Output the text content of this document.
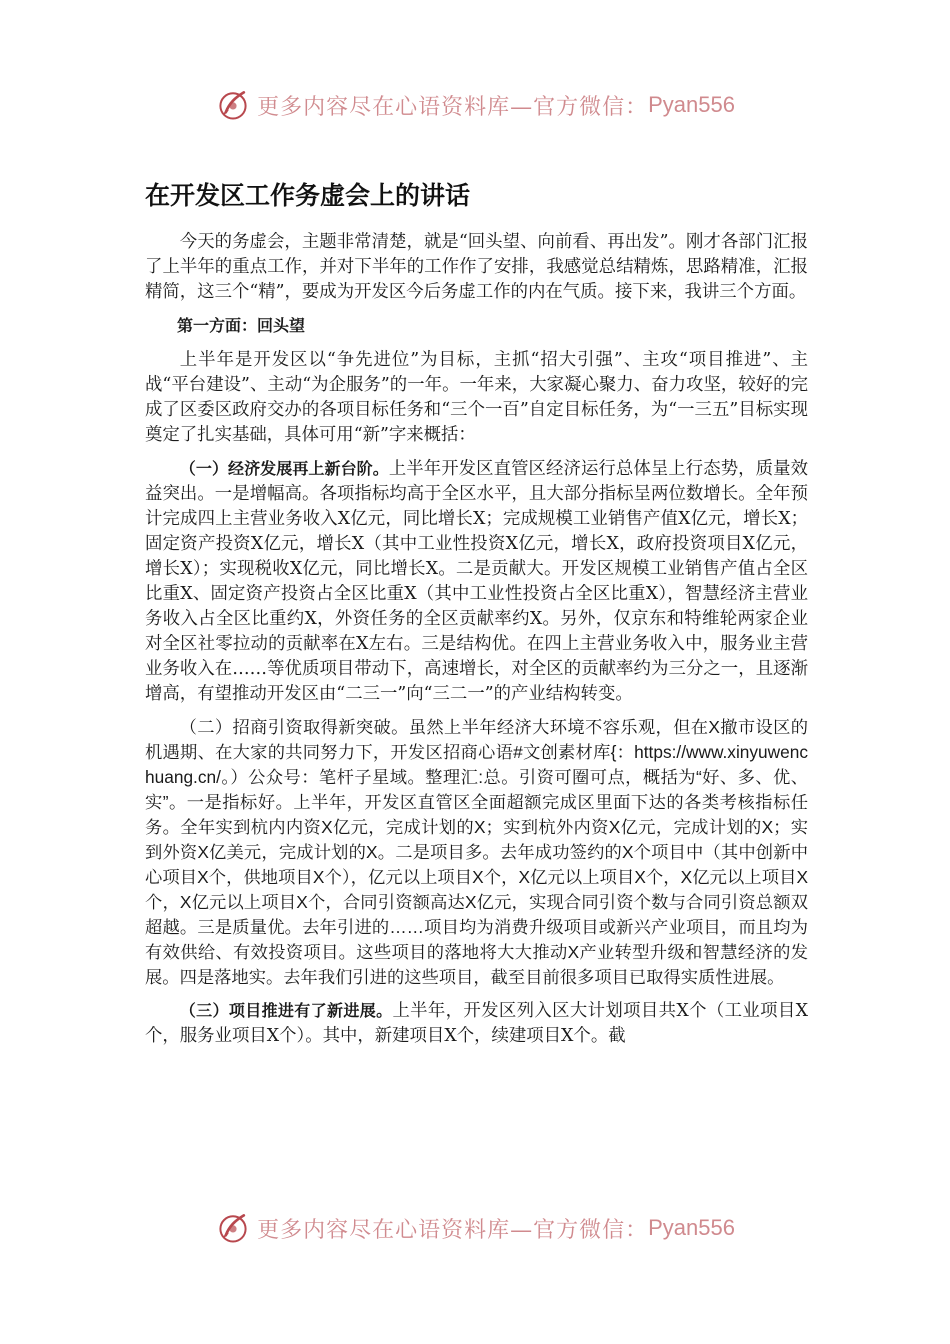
更多内容尽在心语资料库—官方微信： Pyan556
在开发区工作务虚会上的讲话

今天的务虚会，主题非常清楚，就是“回头望、向前看、再出发”。刚才各部门汇报了上半年的重点工作，并对下半年的工作作了安排，我感觉总结精炼，思路精准，汇报精简，这三个“精”，要成为开发区今后务虚工作的内在气质。接下来，我讲三个方面。

第一方面：回头望

上半年是开发区以“争先进位”为目标，主抓“招大引强”、主攻“项目推进”、主战“平台建设”、主动“为企服务”的一年。一年来，大家凝心聚力、奋力攻坚，较好的完成了区委区政府交办的各项目标任务和“三个一百”自定目标任务，为“一三五”目标实现奠定了扎实基础，具体可用“新”字来概括：

（一）经济发展再上新台阶。上半年开发区直管区经济运行总体呈上行态势，质量效益突出。一是增幅高。各项指标均高于全区水平，且大部分指标呈两位数增长。全年预计完成四上主营业务收入X亿元，同比增长X；完成规模工业销售产值X亿元，增长X；固定资产投资X亿元，增长X（其中工业性投资X亿元，增长X，政府投资项目X亿元，增长X）；实现税收X亿元，同比增长X。二是贡献大。开发区规模工业销售产值占全区比重X、固定资产投资占全区比重X（其中工业性投资占全区比重X），智慧经济主营业务收入占全区比重约X，外资任务的全区贡献率约X。另外，仅京东和特维轮两家企业对全区社零拉动的贡献率在X左右。三是结构优。在四上主营业务收入中，服务业主营业务收入在……等优质项目带动下，高速增长，对全区的贡献率约为三分之一，且逐渐增高，有望推动开发区由“二三一”向“三二一”的产业结构转变。

（二）招商引资取得新突破。虽然上半年经济大环境不容乐观，但在X撤市设区的机遇期、在大家的共同努力下，开发区招商心语#文创素材库{：https://www.xinyuwenchuang.cn/。）公众号：笔杆子星域。整理汇:总。引资可圈可点，概括为“好、多、优、实”。一是指标好。上半年，开发区直管区全面超额完成区里面下达的各类考核指标任务。全年实到杭内内资X亿元，完成计划的X；实到杭外内资X亿元，完成计划的X；实到外资X亿美元，完成计划的X。二是项目多。去年成功签约的X个项目中（其中创新中心项目X个，供地项目X个），亿元以上项目X个，X亿元以上项目X个，X亿元以上项目X个，X亿元以上项目X个，合同引资额高达X亿元，实现合同引资个数与合同引资总额双超越。三是质量优。去年引进的……项目均为消费升级项目或新兴产业项目，而且均为有效供给、有效投资项目。这些项目的落地将大大推动X产业转型升级和智慧经济的发展。四是落地实。去年我们引进的这些项目，截至目前很多项目已取得实质性进展。

（三）项目推进有了新进展。上半年，开发区列入区大计划项目共X个（工业项目X个，服务业项目X个）。其中，新建项目X个，续建项目X个。截

更多内容尽在心语资料库—官方微信： Pyan556
